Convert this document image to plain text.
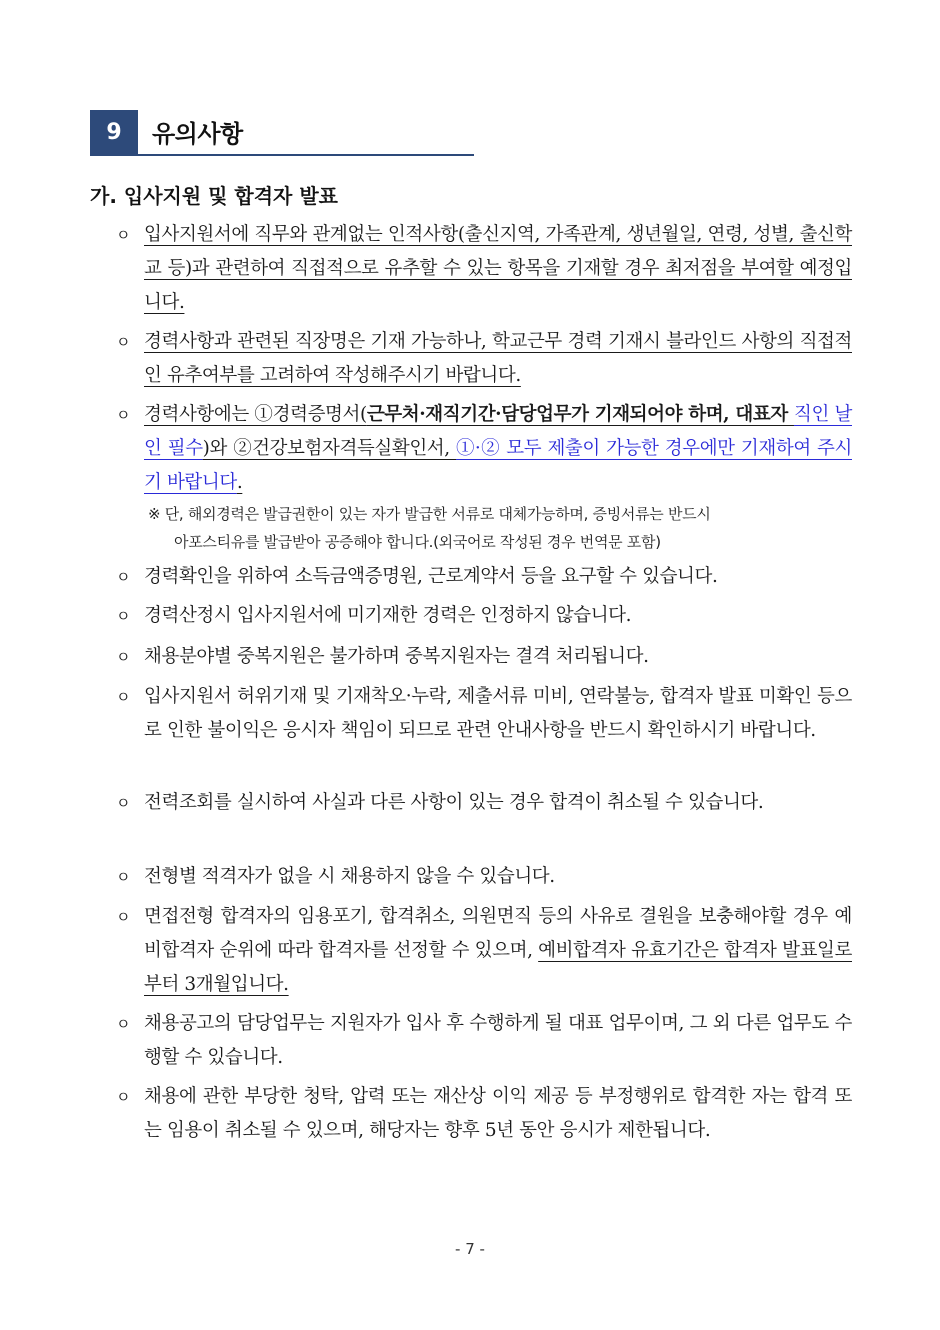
9	유의사항
가. 입사지원 및 합격자 발표
ㅇ 입사지원서에 직무와 관계없는 인적사항(출신지역, 가족관계, 생년월일, 연령, 성별, 출신학교 등)과 관련하여 직접적으로 유추할 수 있는 항목을 기재할 경우 최저점을 부여할 예정입니다.
ㅇ 경력사항과 관련된 직장명은 기재 가능하나, 학교근무 경력 기재시 블라인드 사항의 직접적인 유추여부를 고려하여 작성해주시기 바랍니다.
ㅇ 경력사항에는 ①경력증명서(근무처·재직기간·담당업무가 기재되어야 하며, 대표자 직인 날인 필수)와 ②건강보험자격득실확인서, ①·② 모두 제출이 가능한 경우에만 기재하여 주시기 바랍니다.
※ 단, 해외경력은 발급권한이 있는 자가 발급한 서류로 대체가능하며, 증빙서류는 반드시
아포스티유를 발급받아 공증해야 합니다.(외국어로 작성된 경우 번역문 포함)
ㅇ 경력확인을 위하여 소득금액증명원, 근로계약서 등을 요구할 수 있습니다.
ㅇ 경력산정시 입사지원서에 미기재한 경력은 인정하지 않습니다.
ㅇ 채용분야별 중복지원은 불가하며 중복지원자는 결격 처리됩니다.
ㅇ 입사지원서 허위기재 및 기재착오·누락, 제출서류 미비, 연락불능, 합격자 발표 미확인 등으로 인한 불이익은 응시자 책임이 되므로 관련 안내사항을 반드시 확인하시기 바랍니다.
ㅇ 전력조회를 실시하여 사실과 다른 사항이 있는 경우 합격이 취소될 수 있습니다.
ㅇ 전형별 적격자가 없을 시 채용하지 않을 수 있습니다.
ㅇ 면접전형 합격자의 임용포기, 합격취소, 의원면직 등의 사유로 결원을 보충해야할 경우 예비합격자 순위에 따라 합격자를 선정할 수 있으며, 예비합격자 유효기간은 합격자 발표일로부터 3개월입니다.
ㅇ 채용공고의 담당업무는 지원자가 입사 후 수행하게 될 대표 업무이며, 그 외 다른 업무도 수행할 수 있습니다.
ㅇ 채용에 관한 부당한 청탁, 압력 또는 재산상 이익 제공 등 부정행위로 합격한 자는 합격 또는 임용이 취소될 수 있으며, 해당자는 향후 5년 동안 응시가 제한됩니다.
- 7 -
